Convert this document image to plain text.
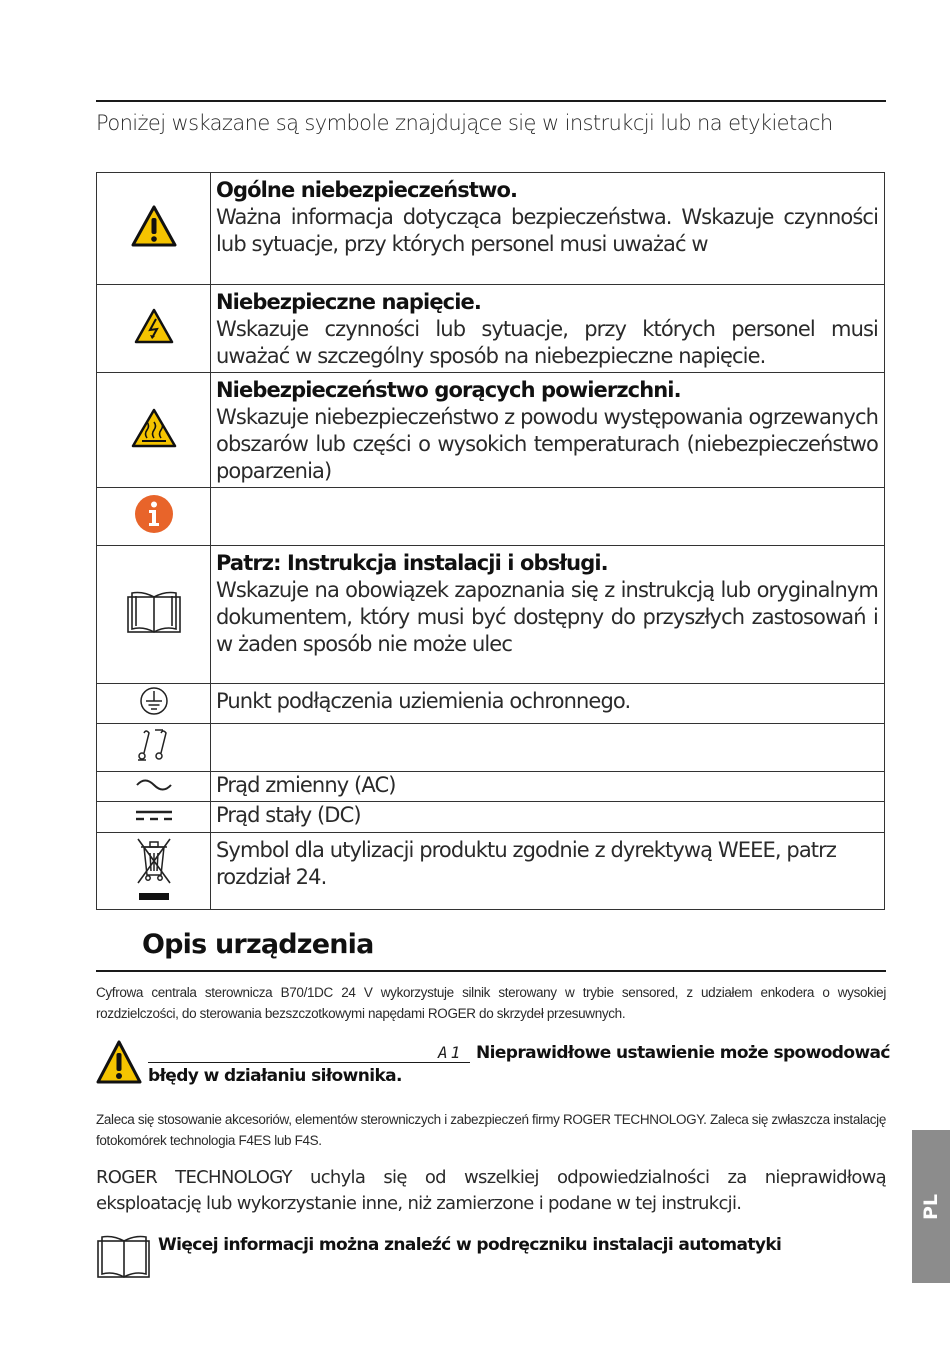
Poniżej wskazane są symbole znajdujące się w instrukcji lub na etykietach

Ogólne niebezpieczeństwo.
Ważna informacja dotycząca bezpieczeństwa. Wskazuje czynności lub sytuacje, przy których personel musi uważać w

Niebezpieczne napięcie.
Wskazuje czynności lub sytuacje, przy których personel musi uważać w szczególny sposób na niebezpieczne napięcie.

Niebezpieczeństwo gorących powierzchni.
Wskazuje niebezpieczeństwo z powodu występowania ogrzewanych obszarów lub części o wysokich temperaturach (niebezpieczeństwo poparzenia)

Patrz: Instrukcja instalacji i obsługi.
Wskazuje na obowiązek zapoznania się z instrukcją lub oryginalnym dokumentem, który musi być dostępny do przyszłych zastosowań i w żaden sposób nie może ulec

Punkt podłączenia uziemienia ochronnego.

Prąd zmienny (AC)

Prąd stały (DC)

Symbol dla utylizacji produktu zgodnie z dyrektywą WEEE, patrz rozdział 24.
Opis urządzenia
Cyfrowa centrala sterownicza B70/1DC 24 V wykorzystuje silnik sterowany w trybie sensored, z udziałem enkodera o wysokiej rozdzielczości, do sterowania bezszczotkowymi napędami ROGER do skrzydeł przesuwnych.
A1 Nieprawidłowe ustawienie może spowodować
błędy w działaniu siłownika.
Zaleca się stosowanie akcesoriów, elementów sterowniczych i zabezpieczeń firmy ROGER TECHNOLOGY. Zaleca się zwłaszcza instalację fotokomórek technologia F4ES lub F4S.
ROGER TECHNOLOGY uchyla się od wszelkiej odpowiedzialności za nieprawidłową eksploatację lub wykorzystanie inne, niż zamierzone i podane w tej instrukcji.
Więcej informacji można znaleźć w podręczniku instalacji automatyki
PL
